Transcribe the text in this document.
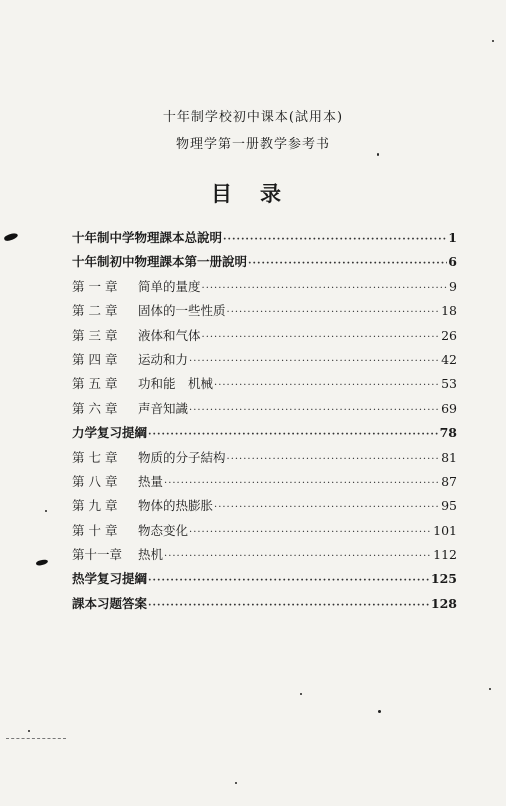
十年制学校初中课本(試用本)
物理学第一册教学参考书
目录
十年制中学物理課本总說明 ·····	1
十年制初中物理課本第一册說明 ·····	6
第 一 章	简单的量度 ·····	9
第 二 章	固体的一些性质 ·····	18
第 三 章	液体和气体 ·····	26
第 四 章	运动和力 ·····	42
第 五 章	功和能　机械 ·····	53
第 六 章	声音知識 ·····	69
力学复习提綱 ·····	78
第 七 章	物质的分子結构 ·····	81
第 八 章	热量 ·····	87
第 九 章	物体的热膨胀 ·····	95
第 十 章	物态变化 ·····	101
第十一章	热机 ·····	112
热学复习提綱 ·····	125
課本习题答案 ·····	128
